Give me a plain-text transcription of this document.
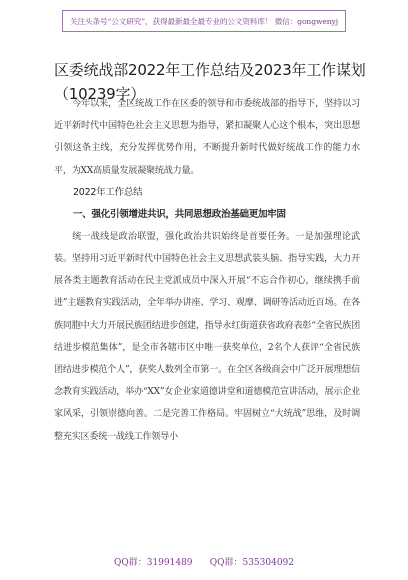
关注头条号“公文研究”，获得最新最全最专业的公文资料库！ 微信：gongwenyj
区委统战部2022年工作总结及2023年工作谋划（10239字）

今年以来，全区统战工作在区委的领导和市委统战部的指导下，坚持以习近平新时代中国特色社会主义思想为指导，紧扣凝聚人心这个根本，突出思想引领这条主线，充分发挥优势作用，不断提升新时代做好统战工作的能力水平，为XX高质量发展凝聚统战力量。

2022年工作总结

一、强化引领增进共识，共同思想政治基础更加牢固

统一战线是政治联盟，强化政治共识始终是首要任务。一是加强理论武装。坚持用习近平新时代中国特色社会主义思想武装头脑、指导实践，大力开展各类主题教育活动在民主党派成员中深入开展“不忘合作初心，继续携手前进”主题教育实践活动，全年举办讲座、学习、观摩、调研等活动近百场。在各族同胞中大力开展民族团结进步创建，指导永红街道获省政府表彰“全省民族团结进步模范集体”，是全市各辖市区中唯一获奖单位，2名个人获评“全省民族团结进步模范个人”，获奖人数列全市第一。在全区各级商会中广泛开展理想信念教育实践活动，举办“XX”女企业家道德讲堂和道德模范宣讲活动，展示企业家风采，引领崇德向善。二是完善工作格局。牢固树立“大统战”思维，及时调整充实区委统一战线工作领导小

QQ群：31991489 QQ群：535304092
